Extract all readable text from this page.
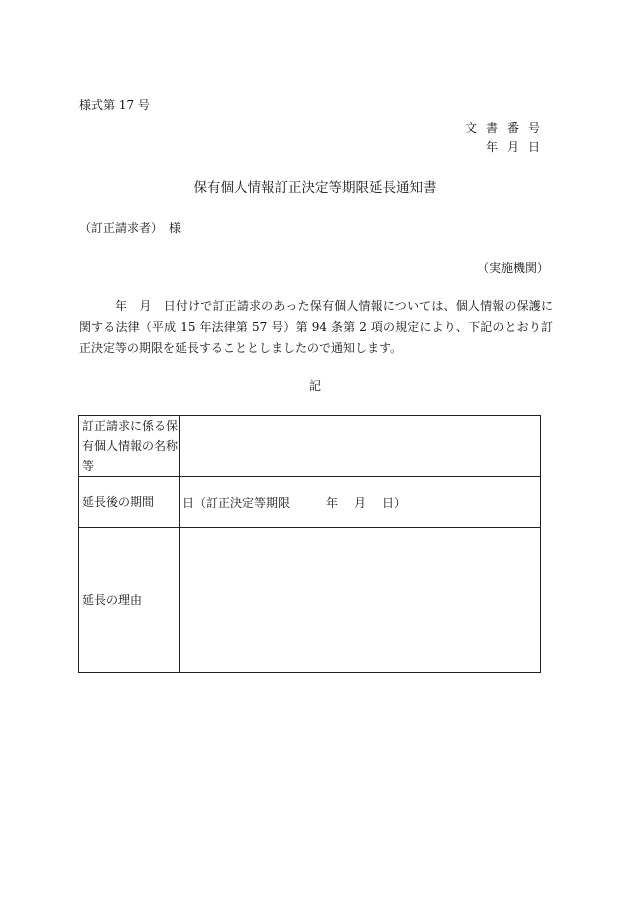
様式第 17 号
文書番号
年月日
保有個人情報訂正決定等期限延長通知書
（訂正請求者）　様
（実施機関）
年　月　日付けで訂正請求のあった保有個人情報については、個人情報の保護に関する法律（平成 15 年法律第 57 号）第 94 条第 2 項の規定により、下記のとおり訂正決定等の期限を延長することとしましたので通知します。
記
訂正請求に係る保有個人情報の名称等	
延長後の期間	日（訂正決定等期限 年 月 日）
延長の理由	
